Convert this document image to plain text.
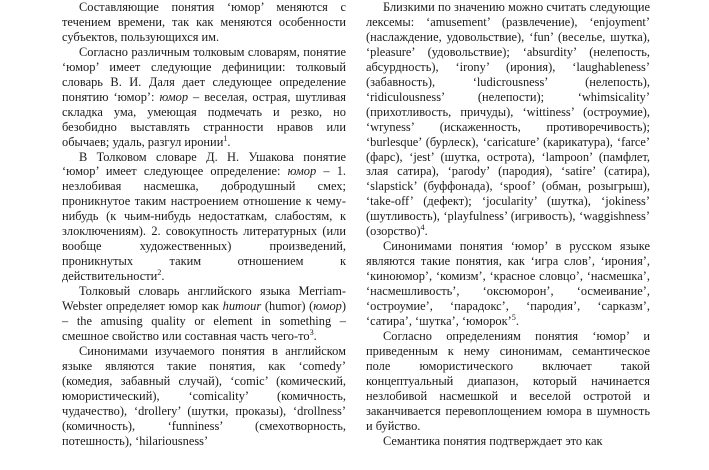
Составляющие понятия ‘юмор’ меняются с течением времени, так как меняются особенности субъектов, пользующихся им.

Согласно различным толковым словарям, понятие ‘юмор’ имеет следующие дефиниции: толковый словарь В. И. Даля дает следующее определение понятию ‘юмор’: юмор – веселая, острая, шутливая складка ума, умеющая подмечать и резко, но безобидно выставлять странности нравов или обычаев; удаль, разгул иронии$^1$.

В Толковом словаре Д. Н. Ушакова понятие ‘юмор’ имеет следующее определение: юмор – 1. незлобивая насмешка, добродушный смех; проникнутое таким настроением отношение к чему-нибудь (к чьим-нибудь недостаткам, слабостям, к злоключениям). 2. совокупность литературных (или вообще художественных) произведений, проникнутых таким отношением к действительности$^2$.

Толковый словарь английского языка Merriam-Webster определяет юмор как humour (humor) (юмор) – the amusing quality or element in something – смешное свойство или составная часть чего-$то^3$.

Синонимами изучаемого понятия в английском языке являются такие понятия, как ‘comedy’ (комедия, забавный случай), ‘comic’ (комический, юмористический), ‘comicality’ (комичность, чудачество), ‘drollery’ (шутки, проказы), ‘drollness’ (комичность), ‘funniness’ (смехотворность, потешность), ‘hilariousness’

Близкими по значению можно считать следующие лексемы: ‘amusement’ (развлечение), ‘enjoyment’ (наслаждение, удовольствие), ‘fun’ (веселье, шутка), ‘pleasure’ (удовольствие); ‘absurdity’ (нелепость, абсурдность), ‘irony’ (ирония), ‘laughableness’ (забавность), ‘ludicrousness’ (нелепость), ‘ridiculousness’ (нелепости); ‘whimsicality’ (прихотливость, причуды), ‘wittiness’ (остроумие), ‘wryness’ (искаженность, противоречивость); ‘burlesque’ (бурлеск), ‘caricature’ (карикатура), ‘farce’ (фарс), ‘jest’ (шутка, острота), ‘lampoon’ (памфлет, злая сатира), ‘parody’ (пародия), ‘satire’ (сатира), ‘slapstick’ (буффонада), ‘spoof’ (обман, розыгрыш), ‘take-off’ (дефект); ‘jocularity’ (шутка), ‘jokiness’ (шутливость), ‘playfulness’ (игривость), ‘waggishness’ (озорство)$^4$.

Синонимами понятия ‘юмор’ в русском языке являются такие понятия, как ‘игра слов’, ‘ирония’, ‘киноюмор’, ‘комизм’, ‘красное словцо’, ‘насмешка’, ‘насмешливость’, ‘оксюморон’, ‘осмеивание’, ‘остроумие’, ‘парадокс’, ‘пародия’, ‘сарказм’, ‘сатира’, ‘шутка’, ‘юморок’$^5$.

Согласно определениям понятия ‘юмор’ и приведенным к нему синонимам, семантическое поле юмористического включает такой концептуальный диапазон, который начинается незлобивой насмешкой и веселой остротой и заканчивается перевоплощением юмора в шумность и буйство.

Семантика понятия подтверждает это как
